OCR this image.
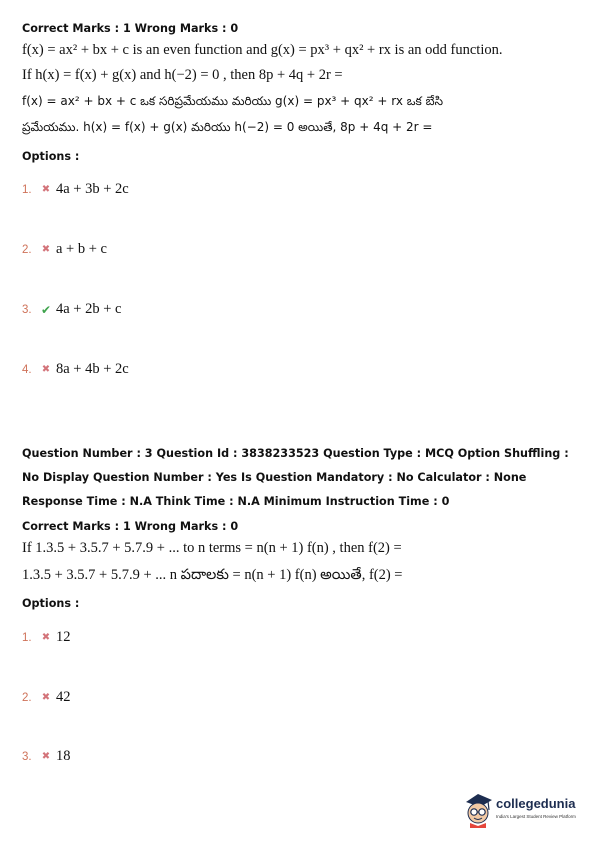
Correct Marks : 1 Wrong Marks : 0
f(x) = ax² + bx + c is an even function and g(x) = px³ + qx² + rx is an odd function.
If h(x) = f(x) + g(x) and h(−2) = 0 , then 8p + 4q + 2r =
f(x) = ax² + bx + c ఒక సరిప్రమేయము మరియు g(x) = px³ + qx² + rx ఒక బేసి
ప్రమేయము. h(x) = f(x) + g(x) మరియు h(−2) = 0 అయితే, 8p + 4q + 2r =
Options :
1.	✖ 4a + 3b + 2c
2.	✖ a + b + c
3. ✔ 4a + 2b + c
4.	✖ 8a + 4b + 2c
Question Number : 3 Question Id : 3838233523 Question Type : MCQ Option Shuffling : No Display Question Number : Yes Is Question Mandatory : No Calculator : None Response Time : N.A Think Time : N.A Minimum Instruction Time : 0
Correct Marks : 1 Wrong Marks : 0
If 1.3.5 + 3.5.7 + 5.7.9 + ... to n terms = n(n + 1) f(n) , then f(2) =
1.3.5 + 3.5.7 + 5.7.9 + ... n పదాలకు = n(n + 1) f(n) అయితే, f(2) =
Options :
1.	✖ 12
2.	✖ 42
3.	✖ 18
collegedunia
India's Largest Student Review Platform
